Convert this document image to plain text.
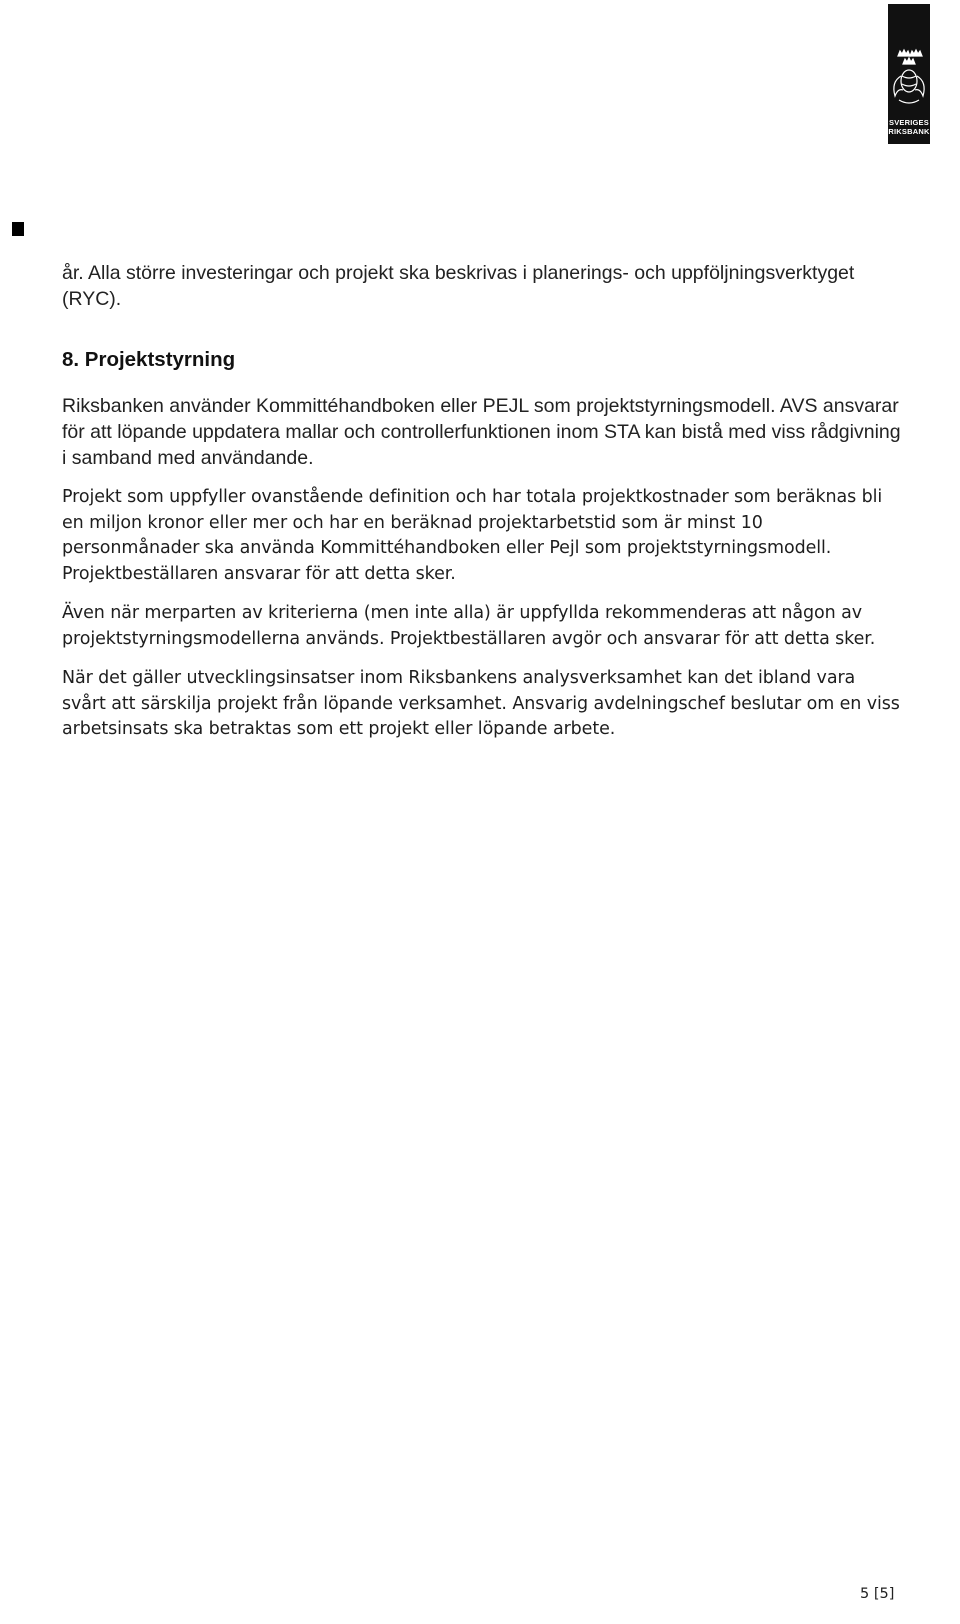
SVERIGES
RIKSBANK

år. Alla större investeringar och projekt ska beskrivas i planerings- och uppföljningsverktyget (RYC).

8. Projektstyrning

Riksbanken använder Kommittéhandboken eller PEJL som projektstyrningsmodell. AVS ansvarar för att löpande uppdatera mallar och controllerfunktionen inom STA kan bistå med viss rådgivning i samband med användande.

Projekt som uppfyller ovanstående definition och har totala projektkostnader som beräknas bli en miljon kronor eller mer och har en beräknad projektarbetstid som är minst 10 personmånader ska använda Kommittéhandboken eller Pejl som projektstyrningsmodell. Projektbeställaren ansvarar för att detta sker.

Även när merparten av kriterierna (men inte alla) är uppfyllda rekommenderas att någon av projektstyrningsmodellerna används. Projektbeställaren avgör och ansvarar för att detta sker.

När det gäller utvecklingsinsatser inom Riksbankens analysverksamhet kan det ibland vara svårt att särskilja projekt från löpande verksamhet. Ansvarig avdelningschef beslutar om en viss arbetsinsats ska betraktas som ett projekt eller löpande arbete.

5 [5]
